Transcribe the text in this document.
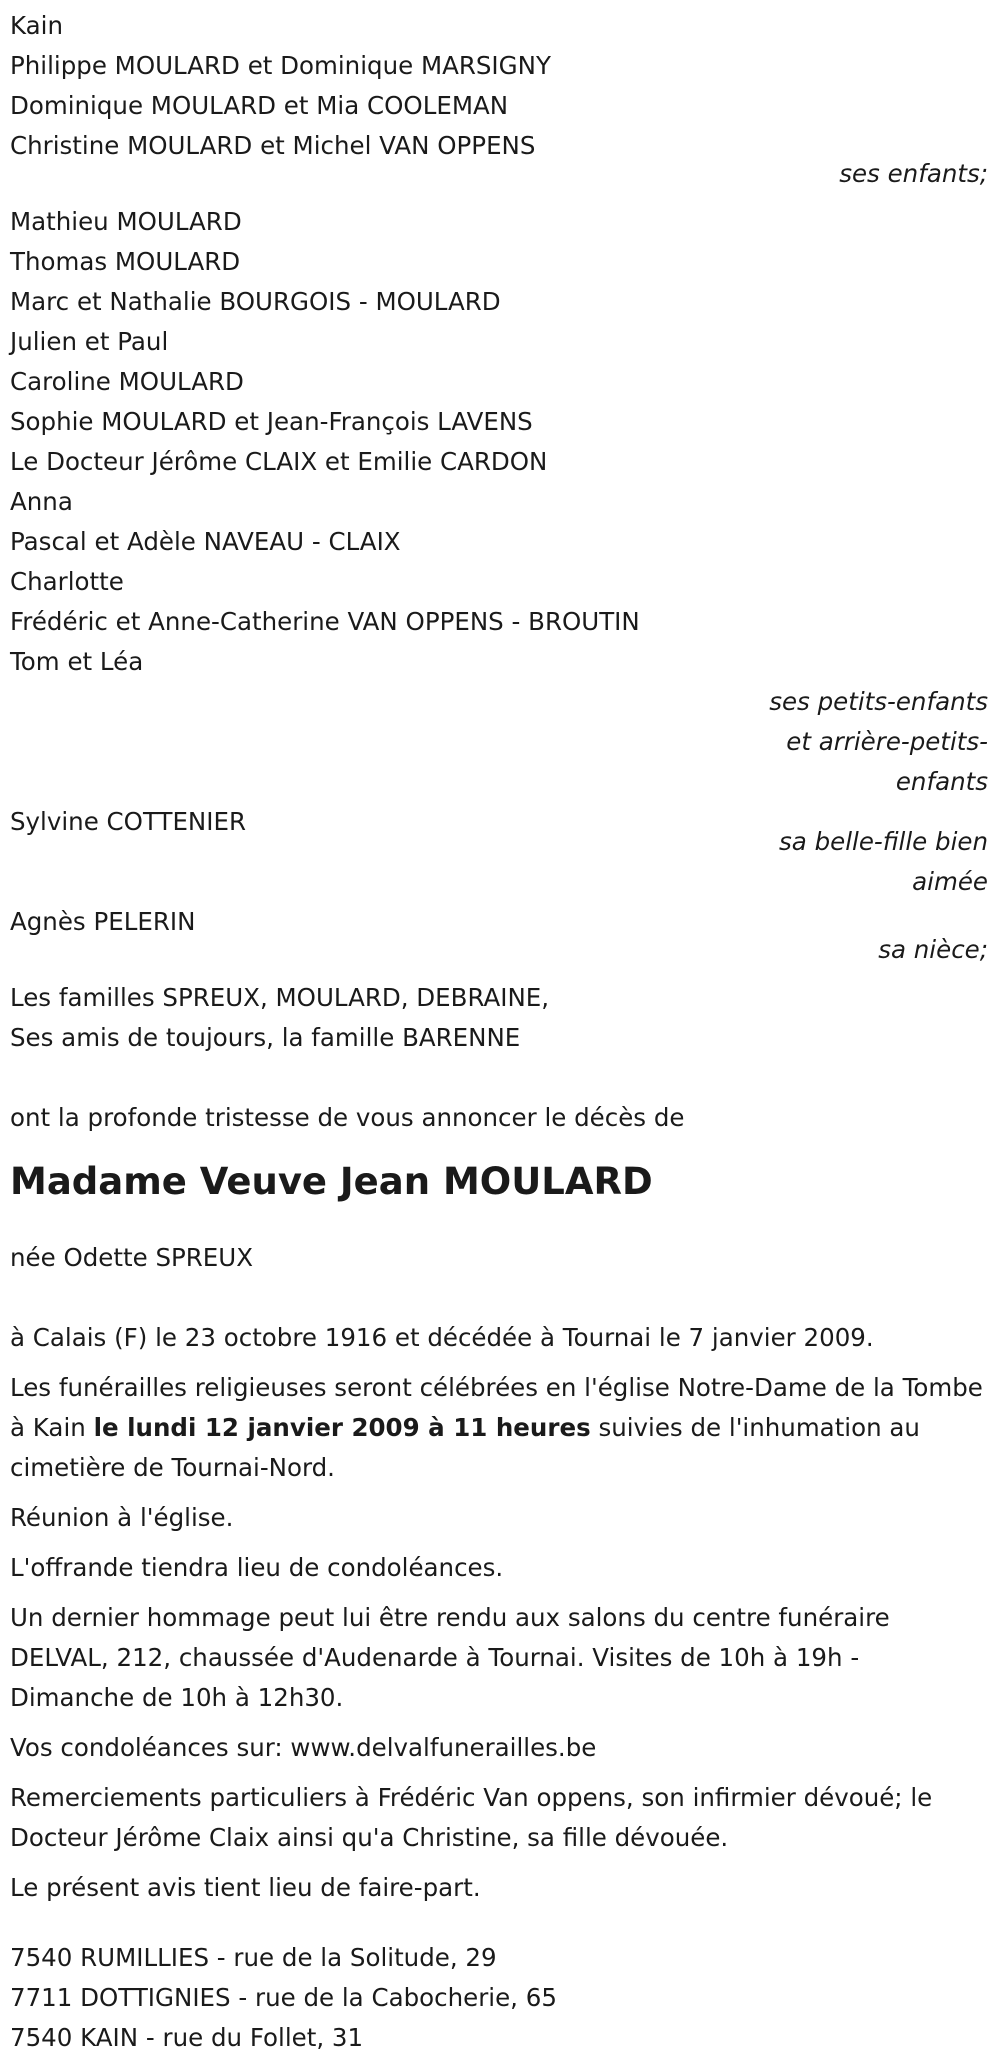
Kain
Philippe MOULARD et Dominique MARSIGNY
Dominique MOULARD et Mia COOLEMAN
Christine MOULARD et Michel VAN OPPENS
ses enfants;
Mathieu MOULARD
Thomas MOULARD
Marc et Nathalie BOURGOIS - MOULARD
Julien et Paul
Caroline MOULARD
Sophie MOULARD et Jean-François LAVENS
Le Docteur Jérôme CLAIX et Emilie CARDON
Anna
Pascal et Adèle NAVEAU - CLAIX
Charlotte
Frédéric et Anne-Catherine VAN OPPENS - BROUTIN
Tom et Léa
ses petits-enfants
et arrière-petits-
enfants
Sylvine COTTENIER
sa belle-fille bien
aimée
Agnès PELERIN
sa nièce;
Les familles SPREUX, MOULARD, DEBRAINE,
Ses amis de toujours, la famille BARENNE
ont la profonde tristesse de vous annoncer le décès de
Madame Veuve Jean MOULARD
née Odette SPREUX
à Calais (F) le 23 octobre 1916 et décédée à Tournai le 7 janvier 2009.
Les funérailles religieuses seront célébrées en l'église Notre-Dame de la Tombe à Kain le lundi 12 janvier 2009 à 11 heures suivies de l'inhumation au cimetière de Tournai-Nord.
Réunion à l'église.
L'offrande tiendra lieu de condoléances.
Un dernier hommage peut lui être rendu aux salons du centre funéraire DELVAL, 212, chaussée d'Audenarde à Tournai. Visites de 10h à 19h - Dimanche de 10h à 12h30.
Vos condoléances sur: www.delvalfunerailles.be
Remerciements particuliers à Frédéric Van oppens, son infirmier dévoué; le Docteur Jérôme Claix ainsi qu'a Christine, sa fille dévouée.
Le présent avis tient lieu de faire-part.
7540 RUMILLIES - rue de la Solitude, 29
7711 DOTTIGNIES - rue de la Cabocherie, 65
7540 KAIN - rue du Follet, 31
